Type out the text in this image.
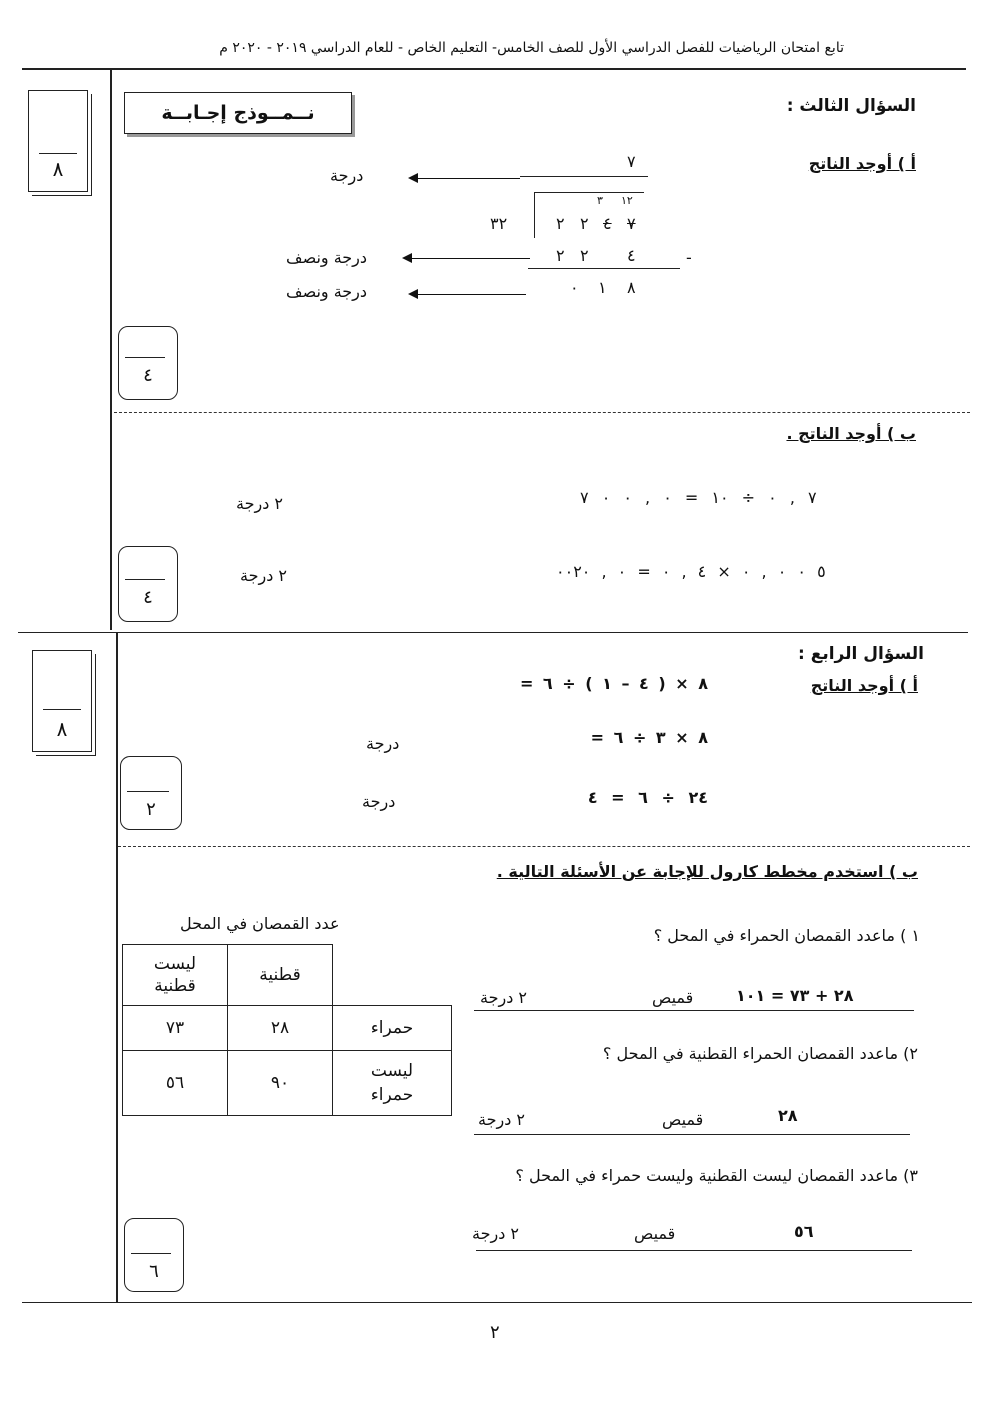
تابع امتحان الرياضيات للفصل الدراسي الأول للصف الخامس- التعليم الخاص - للعام الدراسي ٢٠١٩ - ٢٠٢٠ م
٨
نــمــوذج إجـابــة	السؤال الثالث :
أ ) أوجد الناتج
٧
درجة
٣ ١٢
٣٢	٢ ٢ ٤ ٧
٢ ٢ ٤	-
درجة ونصف
٠ ١ ٨
درجة ونصف
٤
ب ) أوجد الناتج .
٧ , ٠ ÷ ١٠ = ٠ , ٠ ٠ ٧
٢ درجة
٥ ٠ ٠ , ٠ × ٤ , ٠ = ٠ , ٠٠٢٠
٢ درجة
٤
٨
السؤال الرابع :
أ ) أوجد الناتج
٨ × ( ٤ – ١ ) ÷ ٦ =
٨ × ٣ ÷ ٦ =
درجة
٢٤ ÷ ٦ = ٤
درجة
٢
ب ) استخدم مخطط كارول للإجابة عن الأسئلة التالية .
عدد القمصان في المحل
ليست قطنية	قطنية	
٧٣	٢٨	حمراء
٥٦	٩٠	ليست حمراء
١ ) ماعدد القمصان الحمراء في المحل ؟
٢٨ + ٧٣ = ١٠١
قميص
٢ درجة
٢) ماعدد القمصان الحمراء القطنية في المحل ؟
٢٨
قميص
٢ درجة
٣) ماعدد القمصان ليست القطنية وليست حمراء في المحل ؟
٥٦
قميص
٢ درجة
٦
٢
